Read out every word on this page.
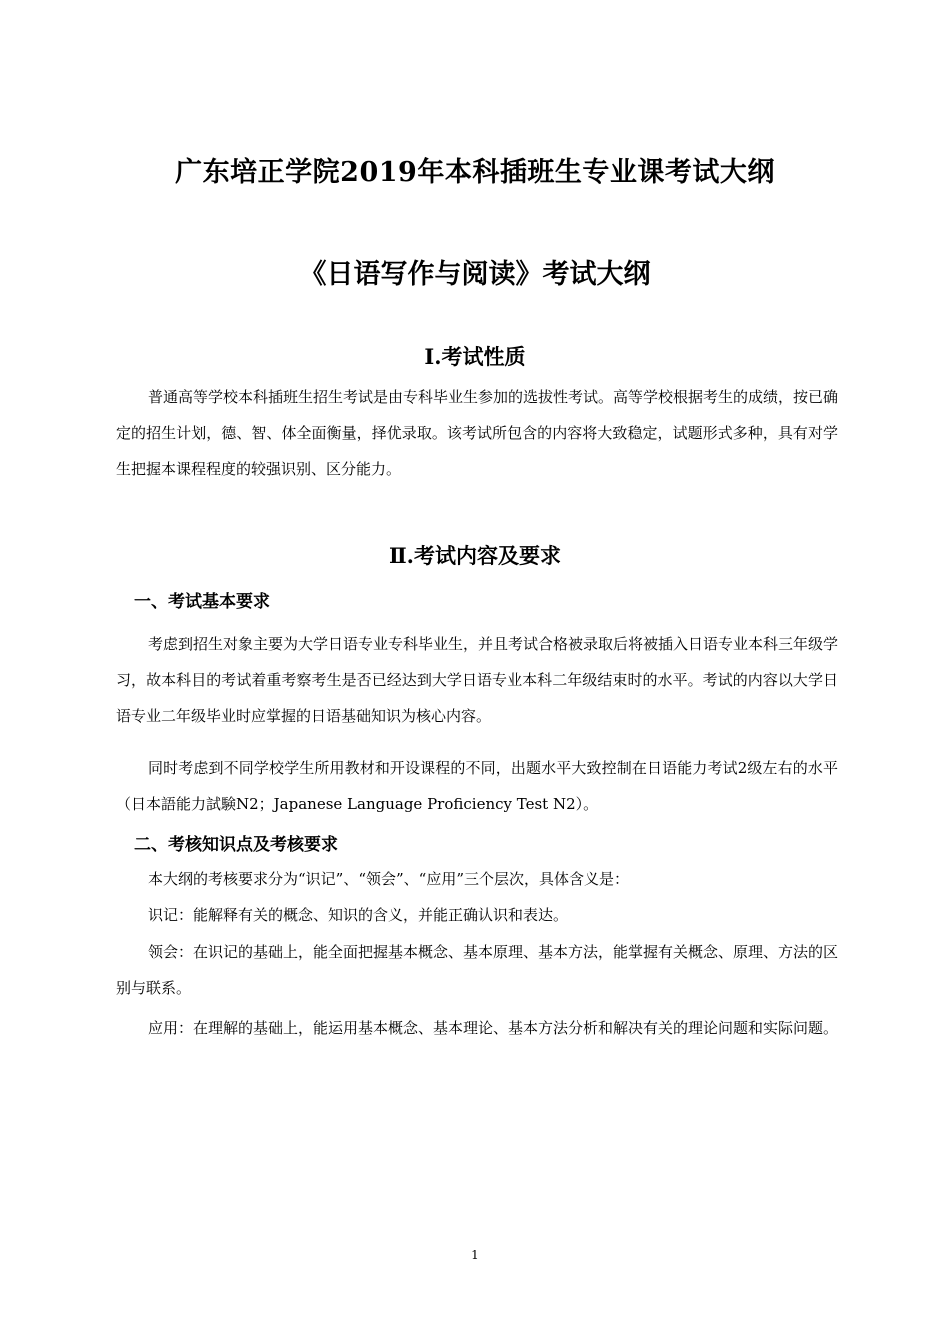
广东培正学院2019年本科插班生专业课考试大纲
《日语写作与阅读》考试大纲
Ⅰ.考试性质
普通高等学校本科插班生招生考试是由专科毕业生参加的选拔性考试。高等学校根据考生的成绩，按已确定的招生计划，德、智、体全面衡量，择优录取。该考试所包含的内容将大致稳定，试题形式多种，具有对学生把握本课程程度的较强识别、区分能力。
Ⅱ.考试内容及要求
一、考试基本要求
考虑到招生对象主要为大学日语专业专科毕业生，并且考试合格被录取后将被插入日语专业本科三年级学习，故本科目的考试着重考察考生是否已经达到大学日语专业本科二年级结束时的水平。考试的内容以大学日语专业二年级毕业时应掌握的日语基础知识为核心内容。
同时考虑到不同学校学生所用教材和开设课程的不同，出题水平大致控制在日语能力考试2级左右的水平（日本語能力試験N2；Japanese Language Proficiency Test N2）。
二、考核知识点及考核要求
本大纲的考核要求分为“识记”、“领会”、“应用”三个层次，具体含义是：
识记：能解释有关的概念、知识的含义，并能正确认识和表达。
领会：在识记的基础上，能全面把握基本概念、基本原理、基本方法，能掌握有关概念、原理、方法的区别与联系。
应用：在理解的基础上，能运用基本概念、基本理论、基本方法分析和解决有关的理论问题和实际问题。
1
